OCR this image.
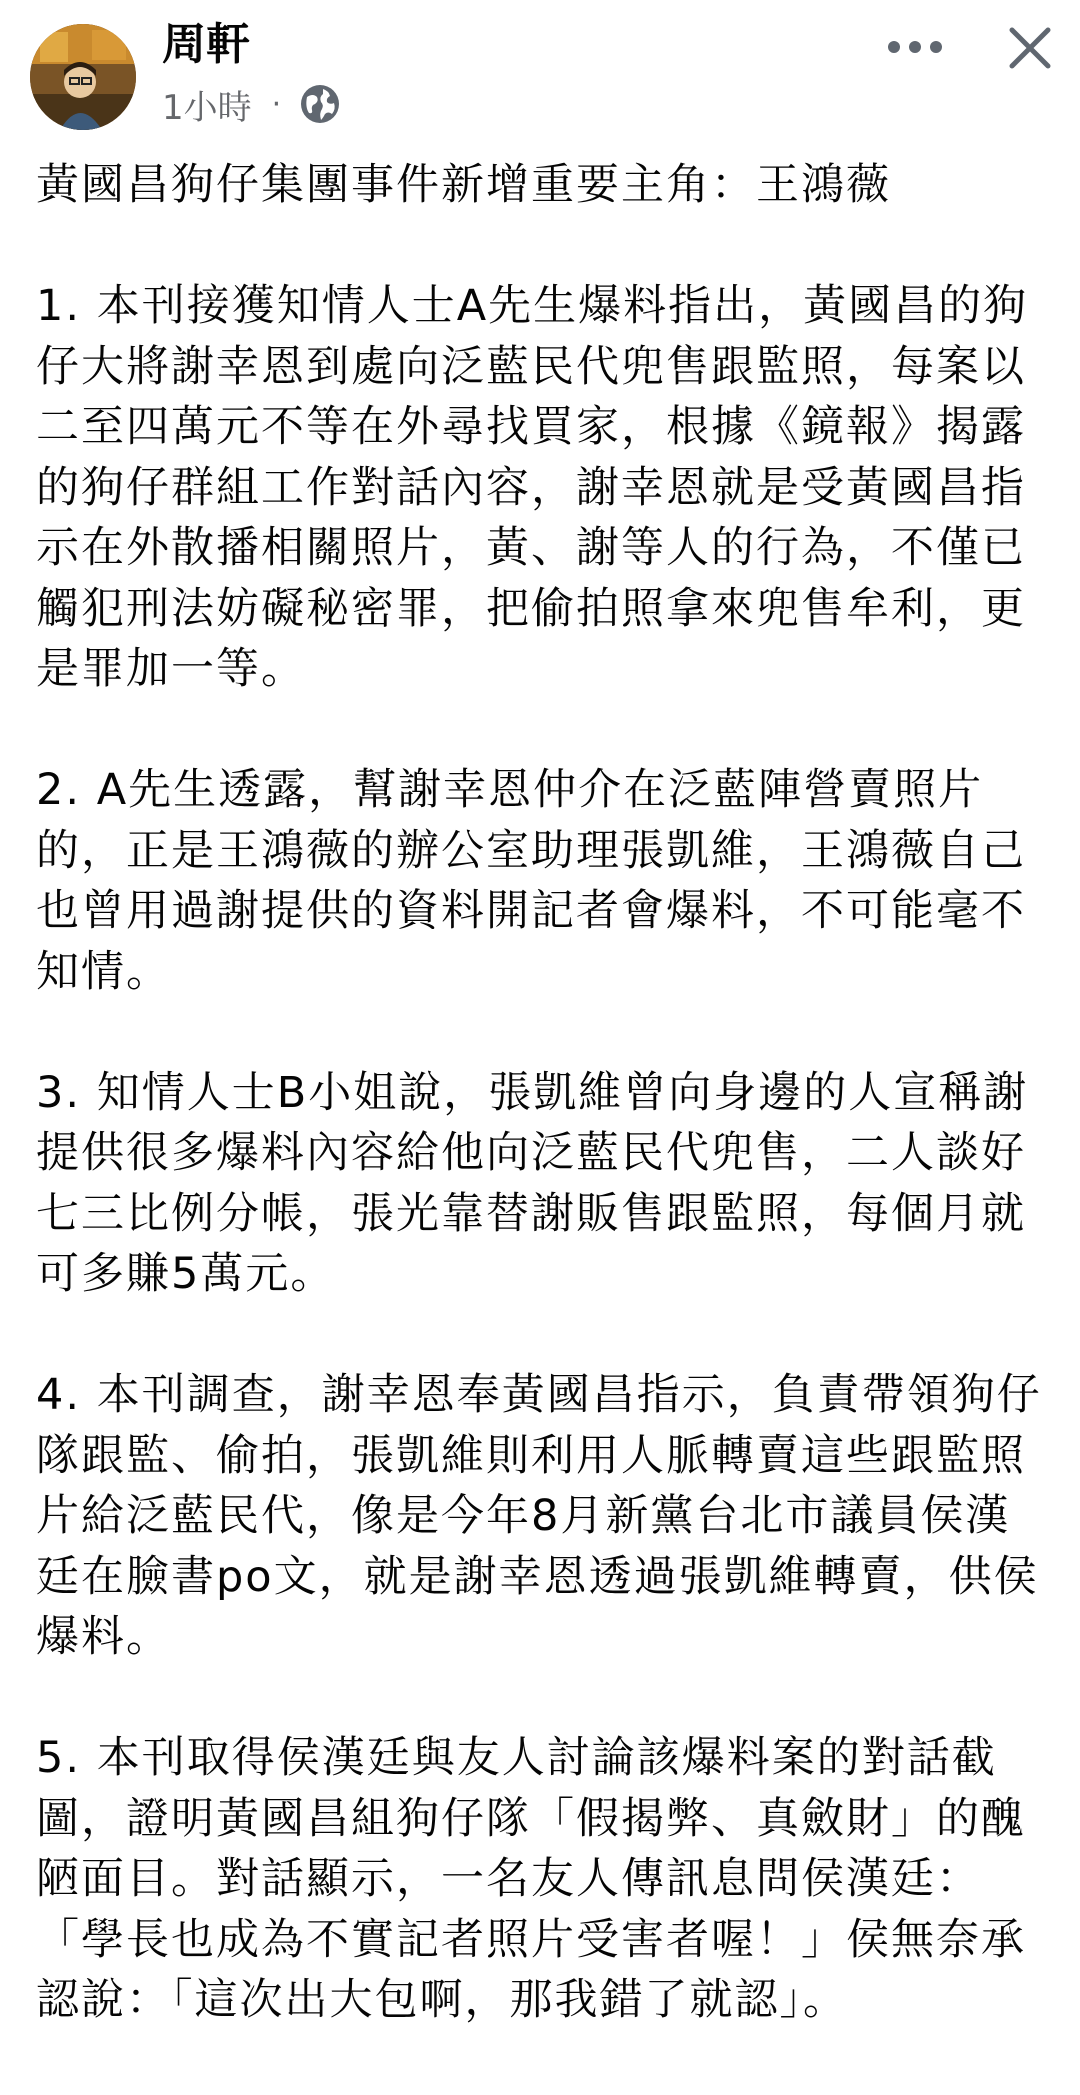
周軒
1小時 ·

黃國昌狗仔集團事件新增重要主角：王鴻薇

1. 本刊接獲知情人士A先生爆料指出，黃國昌的狗仔大將謝幸恩到處向泛藍民代兜售跟監照，每案以二至四萬元不等在外尋找買家，根據《鏡報》揭露的狗仔群組工作對話內容，謝幸恩就是受黃國昌指示在外散播相關照片，黃、謝等人的行為，不僅已觸犯刑法妨礙秘密罪，把偷拍照拿來兜售牟利，更是罪加一等。

2. A先生透露，幫謝幸恩仲介在泛藍陣營賣照片的，正是王鴻薇的辦公室助理張凱維，王鴻薇自己也曾用過謝提供的資料開記者會爆料，不可能毫不知情。

3. 知情人士B小姐說，張凱維曾向身邊的人宣稱謝提供很多爆料內容給他向泛藍民代兜售，二人談好七三比例分帳，張光靠替謝販售跟監照，每個月就可多賺5萬元。

4. 本刊調查，謝幸恩奉黃國昌指示，負責帶領狗仔隊跟監、偷拍，張凱維則利用人脈轉賣這些跟監照片給泛藍民代，像是今年8月新黨台北市議員侯漢廷在臉書po文，就是謝幸恩透過張凱維轉賣，供侯爆料。

5. 本刊取得侯漢廷與友人討論該爆料案的對話截圖，證明黃國昌組狗仔隊「假揭弊、真斂財」的醜陋面目。對話顯示，一名友人傳訊息問侯漢廷：「學長也成為不實記者照片受害者喔！」侯無奈承認說：「這次出大包啊，那我錯了就認」。
